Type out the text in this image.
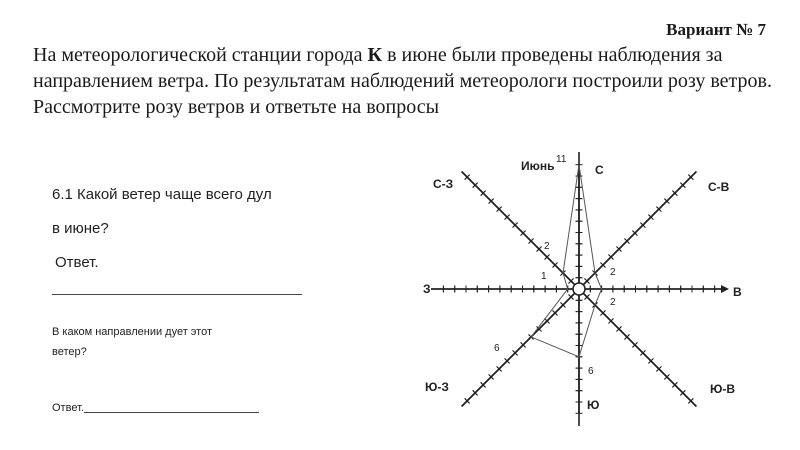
Вариант № 7
На метеорологической станции города К в июне были проведены наблюдения за направлением ветра. По результатам наблюдений метеорологи построили розу ветров. Рассмотрите розу ветров и ответьте на вопросы
6.1 Какой ветер чаще всего дул
в июне?
Ответ.
В каком направлении дует этот
ветер?
Ответ.
Июнь	С
С-В
В
Ю-В
Ю
Ю-З
З
С-З
11
2
2
6
6
1
2
